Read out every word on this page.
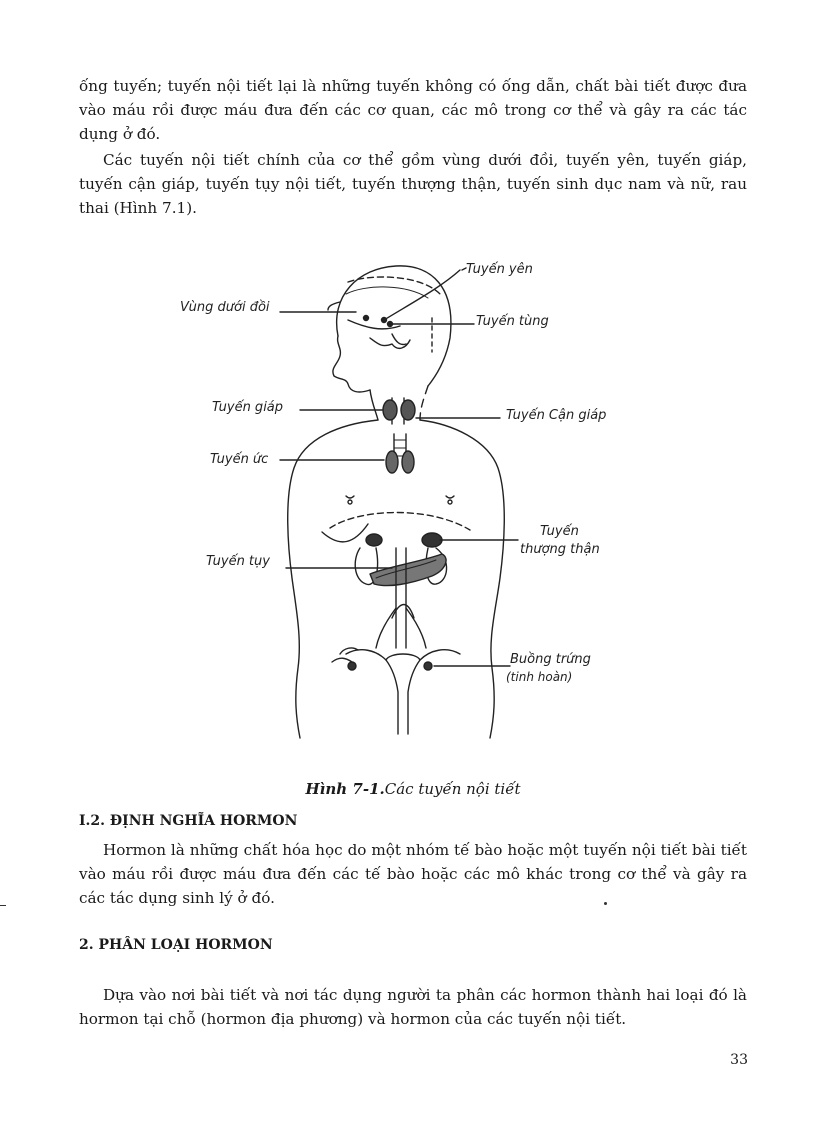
ống tuyến; tuyến nội tiết lại là những tuyến không có ống dẫn, chất bài tiết được đưa vào máu rồi được máu đưa đến các cơ quan, các mô trong cơ thể và gây ra các tác dụng ở đó.

Các tuyến nội tiết chính của cơ thể gồm vùng dưới đồi, tuyến yên, tuyến giáp, tuyến cận giáp, tuyến tụy nội tiết, tuyến thượng thận, tuyến sinh dục nam và nữ, rau thai (Hình 7.1).

Tuyến yên
Vùng dưới đồi
Tuyến tùng
Tuyến giáp
Tuyến Cận giáp
Tuyến ức
Tuyến
thượng thận
Tuyến tụy
Buồng trứng
(tinh hoàn)
Hình 7-1.Các tuyến nội tiết
I.2. ĐỊNH NGHĨA HORMON

Hormon là những chất hóa học do một nhóm tế bào hoặc một tuyến nội tiết bài tiết vào máu rồi được máu đưa đến các tế bào hoặc các mô khác trong cơ thể và gây ra các tác dụng sinh lý ở đó.

2. PHÂN LOẠI HORMON

Dựa vào nơi bài tiết và nơi tác dụng người ta phân các hormon thành hai loại đó là hormon tại chỗ (hormon địa phương) và hormon của các tuyến nội tiết.

33
